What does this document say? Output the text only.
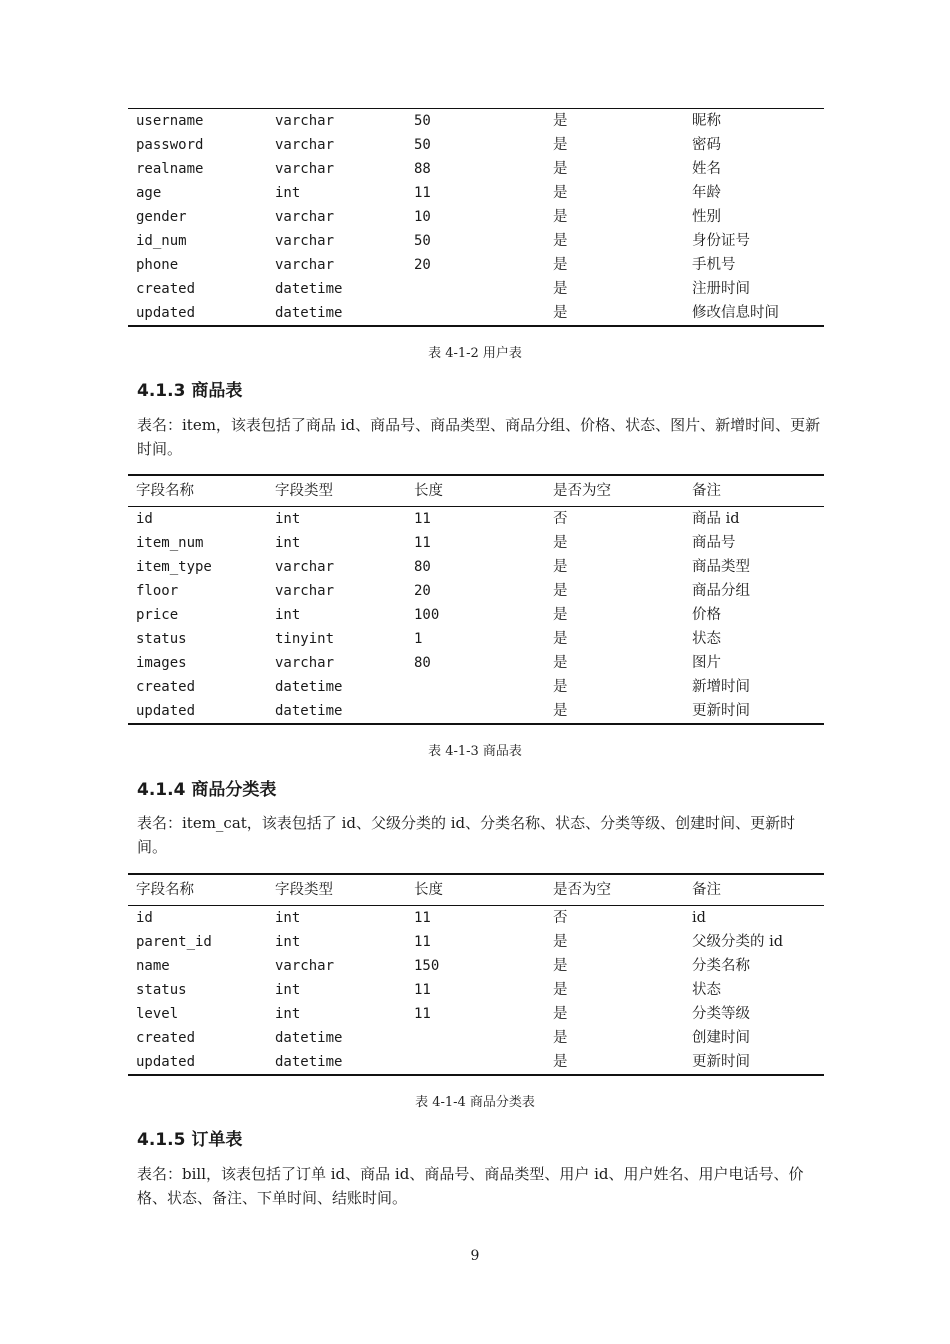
username	varchar	50	是	昵称
password	varchar	50	是	密码
realname	varchar	88	是	姓名
age	int	11	是	年龄
gender	varchar	10	是	性别
id_num	varchar	50	是	身份证号
phone	varchar	20	是	手机号
created	datetime		是	注册时间
updated	datetime		是	修改信息时间
表 4-1-2 用户表
4.1.3 商品表
表名：item，该表包括了商品 id、商品号、商品类型、商品分组、价格、状态、图片、新增时间、更新时间。
字段名称	字段类型	长度	是否为空	备注
id	int	11	否	商品 id
item_num	int	11	是	商品号
item_type	varchar	80	是	商品类型
floor	varchar	20	是	商品分组
price	int	100	是	价格
status	tinyint	1	是	状态
images	varchar	80	是	图片
created	datetime		是	新增时间
updated	datetime		是	更新时间
表 4-1-3 商品表
4.1.4 商品分类表
表名：item_cat，该表包括了 id、父级分类的 id、分类名称、状态、分类等级、创建时间、更新时间。
字段名称	字段类型	长度	是否为空	备注
id	int	11	否	id
parent_id	int	11	是	父级分类的 id
name	varchar	150	是	分类名称
status	int	11	是	状态
level	int	11	是	分类等级
created	datetime		是	创建时间
updated	datetime		是	更新时间
表 4-1-4 商品分类表
4.1.5 订单表
表名：bill，该表包括了订单 id、商品 id、商品号、商品类型、用户 id、用户姓名、用户电话号、价格、状态、备注、下单时间、结账时间。
9
